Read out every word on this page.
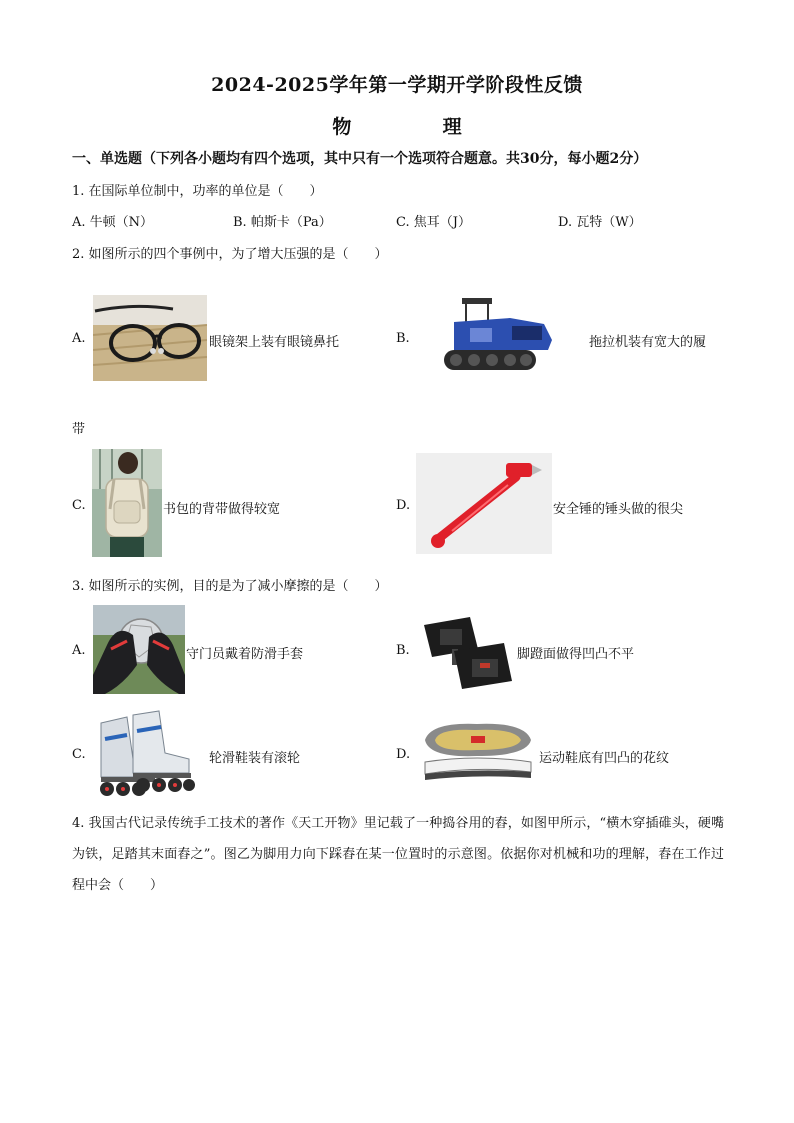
2024-2025学年第一学期开学阶段性反馈
物	理
一、单选题（下列各小题均有四个选项，其中只有一个选项符合题意。共30分，每小题2分）
1. 在国际单位制中，功率的单位是（　　）
A. 牛顿（N）	B. 帕斯卡（Pa）	C. 焦耳（J）	D. 瓦特（W）
2. 如图所示的四个事例中，为了增大压强的是（　　）
A.	眼镜架上装有眼镜鼻托	B.	拖拉机装有宽大的履
带
C.	书包的背带做得较宽	D.	安全锤的锤头做的很尖
3. 如图所示的实例，目的是为了减小摩擦的是（　　）
A.	守门员戴着防滑手套	B.	脚蹬面做得凹凸不平
C.	轮滑鞋装有滚轮	D.	运动鞋底有凹凸的花纹
4. 我国古代记录传统手工技术的著作《天工开物》里记载了一种捣谷用的舂，如图甲所示，“横木穿插碓头，硬嘴为铁，足踏其末面舂之”。图乙为脚用力向下踩舂在某一位置时的示意图。依据你对机械和功的理解，舂在工作过程中会（　　）
